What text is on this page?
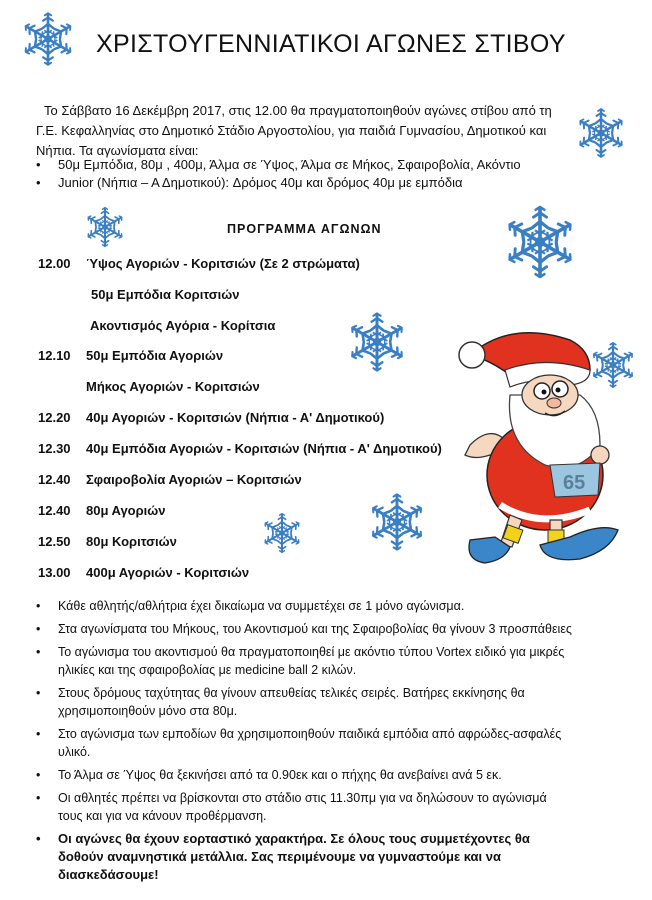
ΧΡΙΣΤΟΥΓΕΝΝΙΑΤΙΚΟΙ ΑΓΩΝΕΣ ΣΤΙΒΟΥ
Το Σάββατο 16 Δεκέμβρη 2017, στις 12.00 θα πραγματοποιηθούν αγώνες στίβου από τη Γ.Ε. Κεφαλληνίας στο Δημοτικό Στάδιο Αργοστολίου, για παιδιά Γυμνασίου, Δημοτικού και Νήπια. Τα αγωνίσματα είναι:
• 50μ Εμπόδια, 80μ , 400μ, Άλμα σε Ύψος, Άλμα σε Μήκος, Σφαιροβολία, Ακόντιο
• Junior (Νήπια – Α Δημοτικού): Δρόμος 40μ και δρόμος 40μ με εμπόδια
ΠΡΟΓΡΑΜΜΑ ΑΓΩΝΩΝ
12.00 Ύψος Αγοριών - Κοριτσιών (Σε 2 στρώματα)
50μ Εμπόδια Κοριτσιών
Ακοντισμός Αγόρια - Κορίτσια
12.10 50μ Εμπόδια Αγοριών
Μήκος Αγοριών - Κοριτσιών
12.20 40μ Αγοριών - Κοριτσιών (Νήπια - Α' Δημοτικού)
12.30 40μ Εμπόδια Αγοριών - Κοριτσιών (Νήπια - Α' Δημοτικού)
12.40 Σφαιροβολία Αγοριών – Κοριτσιών
12.40 80μ Αγοριών
12.50 80μ Κοριτσιών
13.00 400μ Αγοριών - Κοριτσιών
65
• Κάθε αθλητής/αθλήτρια έχει δικαίωμα να συμμετέχει σε 1 μόνο αγώνισμα.
• Στα αγωνίσματα του Μήκους, του Ακοντισμού και της Σφαιροβολίας θα γίνουν 3 προσπάθειες
• Το αγώνισμα του ακοντισμού θα πραγματοποιηθεί με ακόντιο τύπου Vortex ειδικό για μικρές ηλικίες και της σφαιροβολίας με medicine ball 2 κιλών.
• Στους δρόμους ταχύτητας θα γίνουν απευθείας τελικές σειρές. Βατήρες εκκίνησης θα χρησιμοποιηθούν μόνο στα 80μ.
• Στο αγώνισμα των εμποδίων θα χρησιμοποιηθούν παιδικά εμπόδια από αφρώδες-ασφαλές υλικό.
• Το Άλμα σε Ύψος θα ξεκινήσει από τα 0.90εκ και ο πήχης θα ανεβαίνει ανά 5 εκ.
• Οι αθλητές πρέπει να βρίσκονται στο στάδιο στις 11.30πμ για να δηλώσουν το αγώνισμά τους και για να κάνουν προθέρμανση.
• Οι αγώνες θα έχουν εορταστικό χαρακτήρα. Σε όλους τους συμμετέχοντες θα δοθούν αναμνηστικά μετάλλια. Σας περιμένουμε να γυμναστούμε και να διασκεδάσουμε!
